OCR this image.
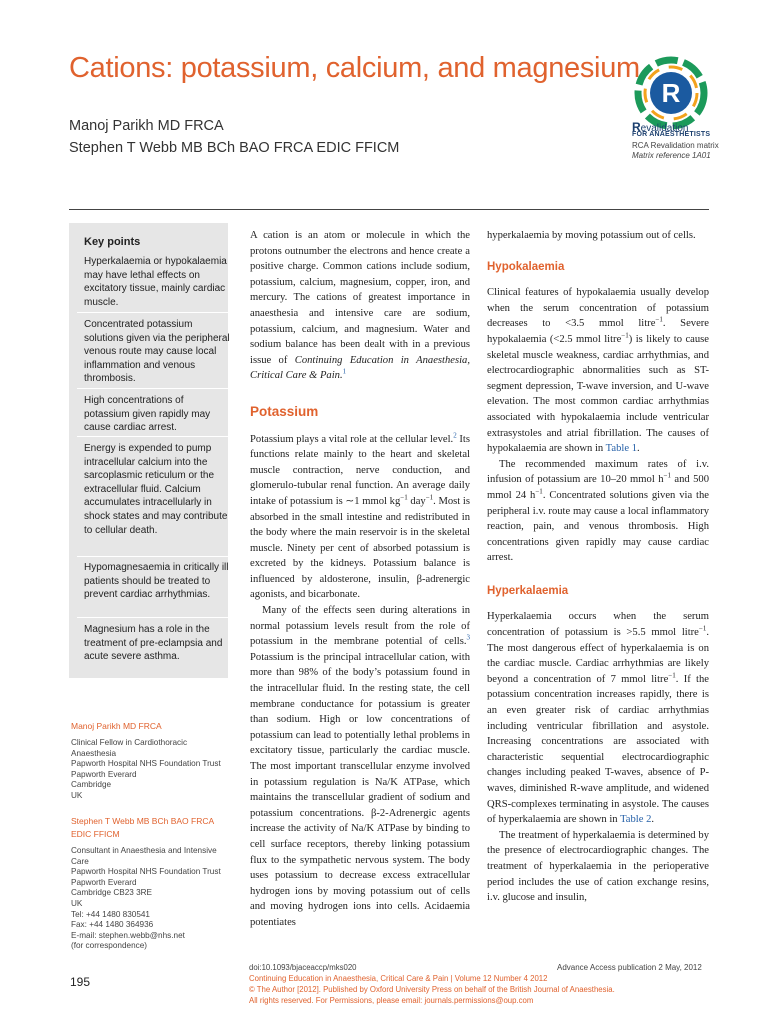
Cations: potassium, calcium, and magnesium
Manoj Parikh MD FRCA
Stephen T Webb MB BCh BAO FRCA EDIC FFICM
R
Revalidation
FOR ANAESTHETISTS
RCA Revalidation matrix
Matrix reference 1A01
Key points
Hyperkalaemia or hypokalaemia may have lethal effects on excitatory tissue, mainly cardiac muscle.
Concentrated potassium solutions given via the peripheral venous route may cause local inflammation and venous thrombosis.
High concentrations of potassium given rapidly may cause cardiac arrest.
Energy is expended to pump intracellular calcium into the sarcoplasmic reticulum or the extracellular fluid. Calcium accumulates intracellularly in shock states and may contribute to cellular death.
Hypomagnesaemia in critically ill patients should be treated to prevent cardiac arrhythmias.
Magnesium has a role in the treatment of pre-eclampsia and acute severe asthma.
Manoj Parikh MD FRCA
Clinical Fellow in Cardiothoracic Anaesthesia
Papworth Hospital NHS Foundation Trust
Papworth Everard
Cambridge
UK
Stephen T Webb MB BCh BAO FRCA EDIC FFICM
Consultant in Anaesthesia and Intensive Care
Papworth Hospital NHS Foundation Trust
Papworth Everard
Cambridge CB23 3RE
UK
Tel: +44 1480 830541
Fax: +44 1480 364936
E-mail: stephen.webb@nhs.net
(for correspondence)

A cation is an atom or molecule in which the protons outnumber the electrons and hence create a positive charge. Common cations include sodium, potassium, calcium, magnesium, copper, iron, and mercury. The cations of greatest importance in anaesthesia and intensive care are sodium, potassium, calcium, and magnesium. Water and sodium balance has been dealt with in a previous issue of Continuing Education in Anaesthesia, Critical Care & Pain.$^1$

Potassium

Potassium plays a vital role at the cellular level.$^2$ Its functions relate mainly to the heart and skeletal muscle contraction, nerve conduction, and glomerulo-tubular renal function. An average daily intake of potassium is ∼1 mmol $kg^{-1}$ day$^{-1}$. Most is absorbed in the small intestine and redistributed in the body where the main reservoir is in the skeletal muscle. Ninety per cent of absorbed potassium is excreted by the kidneys. Potassium balance is influenced by aldosterone, insulin, β-adrenergic agonists, and bicarbonate.

Many of the effects seen during alterations in normal potassium levels result from the role of potassium in the membrane potential of cells.$^3$ Potassium is the principal intracellular cation, with more than 98% of the body’s potassium found in the intracellular fluid. In the resting state, the cell membrane conductance for potassium is greater than sodium. High or low concentrations of potassium can lead to potentially lethal problems in excitatory tissue, particularly the cardiac muscle. The most important transcellular enzyme involved in potassium regulation is Na/K ATPase, which maintains the transcellular gradient of sodium and potassium concentrations. β-2-Adrenergic agents increase the activity of Na/K ATPase by binding to cell surface receptors, thereby linking potassium flux to the sympathetic nervous system. The body uses potassium to decrease excess extracellular hydrogen ions by moving potassium out of cells and moving hydrogen ions into cells. Acidaemia potentiates

hyperkalaemia by moving potassium out of cells.

Hypokalaemia

Clinical features of hypokalaemia usually develop when the serum concentration of potassium decreases to <3.5 mmol litre$^{-1}$. Severe hypokalaemia (<2.5 mmol litre$^{-1}$) is likely to cause skeletal muscle weakness, cardiac arrhythmias, and electrocardiographic abnormalities such as ST-segment depression, T-wave inversion, and U-wave elevation. The most common cardiac arrhythmias associated with hypokalaemia include ventricular extrasystoles and atrial fibrillation. The causes of hypokalaemia are shown in Table 1.

The recommended maximum rates of i.v. infusion of potassium are 10–20 mmol $h^{-1}$ and 500 mmol 24 $h^{-1}$. Concentrated solutions given via the peripheral i.v. route may cause a local inflammatory reaction, pain, and venous thrombosis. High concentrations given rapidly may cause cardiac arrest.

Hyperkalaemia

Hyperkalaemia occurs when the serum concentration of potassium is >5.5 mmol litre$^{-1}$. The most dangerous effect of hyperkalaemia is on the cardiac muscle. Cardiac arrhythmias are likely beyond a concentration of 7 mmol litre$^{-1}$. If the potassium concentration increases rapidly, there is an even greater risk of cardiac arrhythmias including ventricular fibrillation and asystole. Increasing concentrations are associated with characteristic sequential electrocardiographic changes including peaked T-waves, absence of P-waves, diminished R-wave amplitude, and widened QRS-complexes terminating in asystole. The causes of hyperkalaemia are shown in Table 2.

The treatment of hyperkalaemia is determined by the presence of electrocardiographic changes. The treatment of hyperkalaemia in the perioperative period includes the use of cation exchange resins, i.v. glucose and insulin,

195
doi:10.1093/bjaceaccp/mks020	Advance Access publication 2 May, 2012
Continuing Education in Anaesthesia, Critical Care & Pain | Volume 12 Number 4 2012
© The Author [2012]. Published by Oxford University Press on behalf of the British Journal of Anaesthesia.
All rights reserved. For Permissions, please email: journals.permissions@oup.com
